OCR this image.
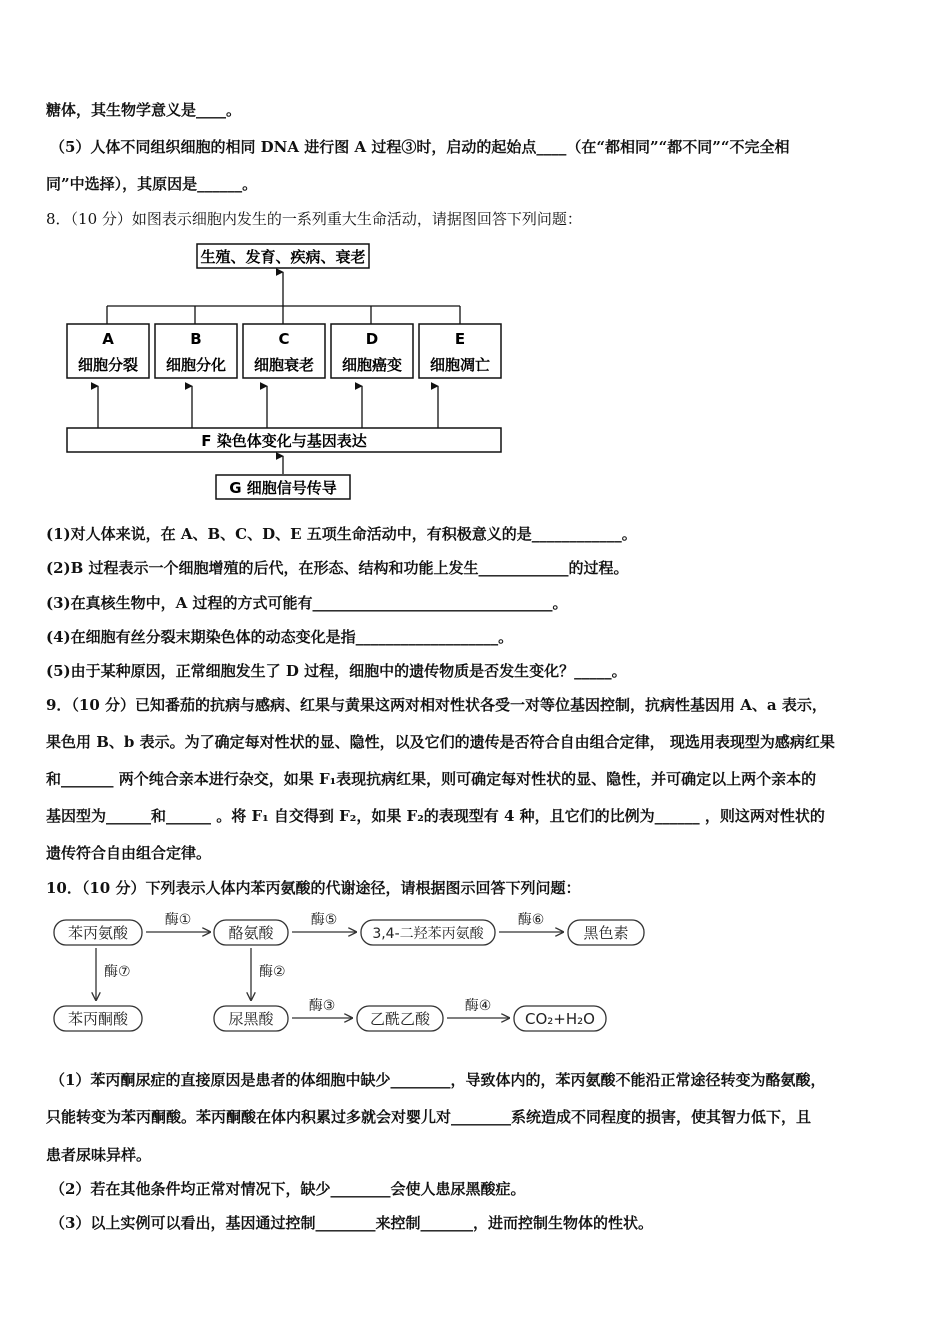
糖体，其生物学意义是____。
（5）人体不同组织细胞的相同 DNA 进行图 A 过程③时，启动的起始点____（在“都相同”“都不同”“不完全相
同”中选择），其原因是______。
8．（10 分）如图表示细胞内发生的一系列重大生命活动，请据图回答下列问题：
生殖、发育、疾病、衰老
A
细胞分裂
B
细胞分化
C
细胞衰老
D
细胞癌变
E
细胞凋亡
F 染色体变化与基因表达
G 细胞信号传导
(1)对人体来说，在 A、B、C、D、E 五项生命活动中，有积极意义的是____________。
(2)B 过程表示一个细胞增殖的后代，在形态、结构和功能上发生____________的过程。
(3)在真核生物中，A 过程的方式可能有________________________________。
(4)在细胞有丝分裂末期染色体的动态变化是指___________________。
(5)由于某种原因，正常细胞发生了 D 过程，细胞中的遗传物质是否发生变化？_____。
9．（10 分）已知番茄的抗病与感病、红果与黄果这两对相对性状各受一对等位基因控制，抗病性基因用 A、a 表示，
果色用 B、b 表示。为了确定每对性状的显、隐性，以及它们的遗传是否符合自由组合定律， 现选用表现型为感病红果
和_______ 两个纯合亲本进行杂交，如果 F₁表现抗病红果，则可确定每对性状的显、隐性，并可确定以上两个亲本的
基因型为______和______ 。将 F₁ 自交得到 F₂，如果 F₂的表现型有 4 种，且它们的比例为______ ，则这两对性状的
遗传符合自由组合定律。
10．（10 分）下列表示人体内苯丙氨酸的代谢途径，请根据图示回答下列问题：
苯丙氨酸
酶①
酪氨酸
酶⑤
3,4-二羟苯丙氨酸
酶⑥
黑色素
酶⑦	酶②
苯丙酮酸	尿黑酸
酶③
乙酰乙酸
酶④
CO₂+H₂O
（1）苯丙酮尿症的直接原因是患者的体细胞中缺少________，导致体内的，苯丙氨酸不能沿正常途径转变为酪氨酸，
只能转变为苯丙酮酸。苯丙酮酸在体内积累过多就会对婴儿对________系统造成不同程度的损害，使其智力低下，且
患者尿味异样。
（2）若在其他条件均正常对情况下，缺少________会使人患尿黑酸症。
（3）以上实例可以看出，基因通过控制________来控制_______，进而控制生物体的性状。
